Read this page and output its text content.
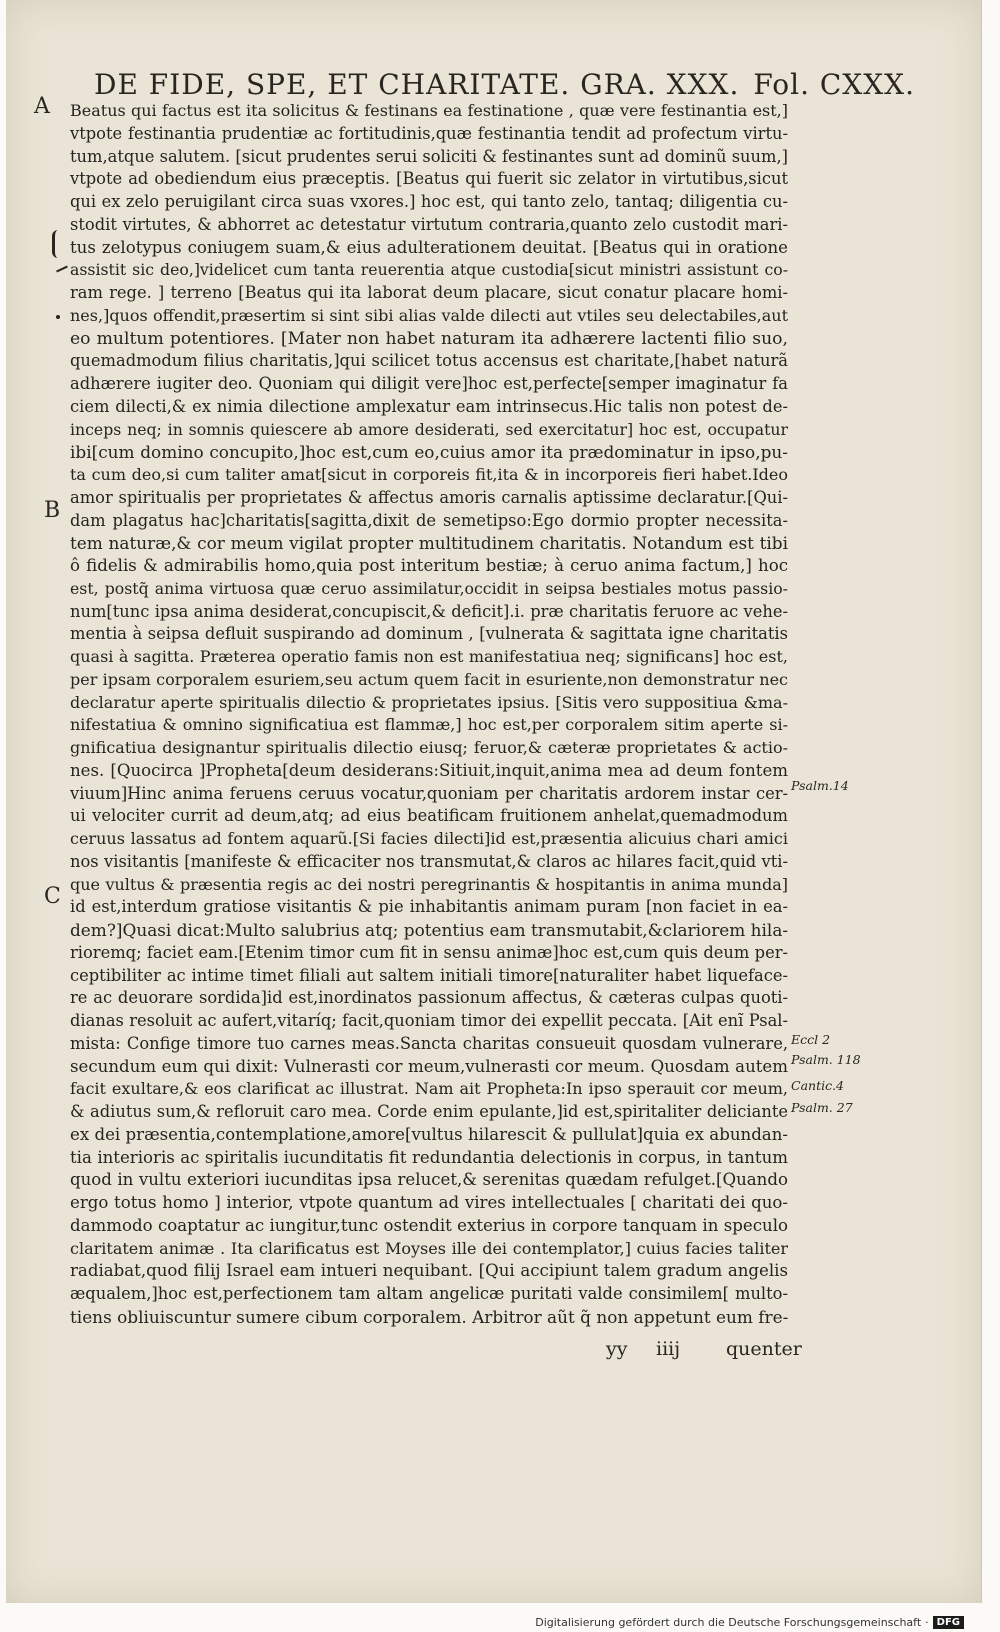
DE FIDE, SPE, ET CHARITATE. GRA. XXX. Fol. CXXX.
A
B
C
Beatus qui factus est ita solicitus & festinans ea festinatione , quæ vere festinantia est,]
vtpote festinantia prudentiæ ac fortitudinis,quæ festinantia tendit ad profectum virtu-
tum,atque salutem. [sicut prudentes serui soliciti & festinantes sunt ad dominũ suum,]
vtpote ad obediendum eius præceptis. [Beatus qui fuerit sic zelator in virtutibus,sicut
qui ex zelo peruigilant circa suas vxores.] hoc est, qui tanto zelo, tantaq; diligentia cu-
stodit virtutes, & abhorret ac detestatur virtutum contraria,quanto zelo custodit mari-
tus zelotypus coniugem suam,& eius adulterationem deuitat. [Beatus qui in oratione
assistit sic deo,]videlicet cum tanta reuerentia atque custodia[sicut ministri assistunt co-
ram rege. ] terreno [Beatus qui ita laborat deum placare, sicut conatur placare homi-
nes,]quos offendit,præsertim si sint sibi alias valde dilecti aut vtiles seu delectabiles,aut
eo multum potentiores. [Mater non habet naturam ita adhærere lactenti filio suo,
quemadmodum filius charitatis,]qui scilicet totus accensus est charitate,[habet naturã
adhærere iugiter deo. Quoniam qui diligit vere]hoc est,perfecte[semper imaginatur fa
ciem dilecti,& ex nimia dilectione amplexatur eam intrinsecus.Hic talis non potest de-
inceps neq; in somnis quiescere ab amore desiderati, sed exercitatur] hoc est, occupatur
ibi[cum domino concupito,]hoc est,cum eo,cuius amor ita prædominatur in ipso,pu-
ta cum deo,si cum taliter amat[sicut in corporeis fit,ita & in incorporeis fieri habet.Ideo
amor spiritualis per proprietates & affectus amoris carnalis aptissime declaratur.[Qui-
dam plagatus hac]charitatis[sagitta,dixit de semetipso:Ego dormio propter necessita-
tem naturæ,& cor meum vigilat propter multitudinem charitatis. Notandum est tibi
ô fidelis & admirabilis homo,quia post interitum bestiæ; à ceruo anima factum,] hoc
est, postq̃ anima virtuosa quæ ceruo assimilatur,occidit in seipsa bestiales motus passio-
num[tunc ipsa anima desiderat,concupiscit,& deficit].i. præ charitatis feruore ac vehe-
mentia à seipsa defluit suspirando ad dominum , [vulnerata & sagittata igne charitatis
quasi à sagitta. Præterea operatio famis non est manifestatiua neq; significans] hoc est,
per ipsam corporalem esuriem,seu actum quem facit in esuriente,non demonstratur nec
declaratur aperte spiritualis dilectio & proprietates ipsius. [Sitis vero suppositiua &ma-
nifestatiua & omnino significatiua est flammæ,] hoc est,per corporalem sitim aperte si-
gnificatiua designantur spiritualis dilectio eiusq; feruor,& cæteræ proprietates & actio-
nes. [Quocirca ]Propheta[deum desiderans:Sitiuit,inquit,anima mea ad deum fontem
viuum]Hinc anima feruens ceruus vocatur,quoniam per charitatis ardorem instar cer-
ui velociter currit ad deum,atq; ad eius beatificam fruitionem anhelat,quemadmodum
ceruus lassatus ad fontem aquarũ.[Si facies dilecti]id est,præsentia alicuius chari amici
nos visitantis [manifeste & efficaciter nos transmutat,& claros ac hilares facit,quid vti-
que vultus & præsentia regis ac dei nostri peregrinantis & hospitantis in anima munda]
id est,interdum gratiose visitantis & pie inhabitantis animam puram [non faciet in ea-
dem?]Quasi dicat:Multo salubrius atq; potentius eam transmutabit,&clariorem hila-
rioremq; faciet eam.[Etenim timor cum fit in sensu animæ]hoc est,cum quis deum per-
ceptibiliter ac intime timet filiali aut saltem initiali timore[naturaliter habet liqueface-
re ac deuorare sordida]id est,inordinatos passionum affectus, & cæteras culpas quoti-
dianas resoluit ac aufert,vitaríq; facit,quoniam timor dei expellit peccata. [Ait enĩ Psal-
mista: Confige timore tuo carnes meas.Sancta charitas consueuit quosdam vulnerare,
secundum eum qui dixit: Vulnerasti cor meum,vulnerasti cor meum. Quosdam autem
facit exultare,& eos clarificat ac illustrat. Nam ait Propheta:In ipso sperauit cor meum,
& adiutus sum,& refloruit caro mea. Corde enim epulante,]id est,spiritaliter deliciante
ex dei præsentia,contemplatione,amore[vultus hilarescit & pullulat]quia ex abundan-
tia interioris ac spiritalis iucunditatis fit redundantia delectionis in corpus, in tantum
quod in vultu exteriori iucunditas ipsa relucet,& serenitas quædam refulget.[Quando
ergo totus homo ] interior, vtpote quantum ad vires intellectuales [ charitati dei quo-
dammodo coaptatur ac iungitur,tunc ostendit exterius in corpore tanquam in speculo
claritatem animæ . Ita clarificatus est Moyses ille dei contemplator,] cuius facies taliter
radiabat,quod filij Israel eam intueri nequibant. [Qui accipiunt talem gradum angelis
æqualem,]hoc est,perfectionem tam altam angelicæ puritati valde consimilem[ multo-
tiens obliuiscuntur sumere cibum corporalem. Arbitror aũt q̃ non appetunt eum fre-
Psalm.14
Eccl 2
Psalm. 118
Cantic.4
Psalm. 27
yy iiij quenter
Digitalisierung gefördert durch die Deutsche Forschungsgemeinschaft · DFG
